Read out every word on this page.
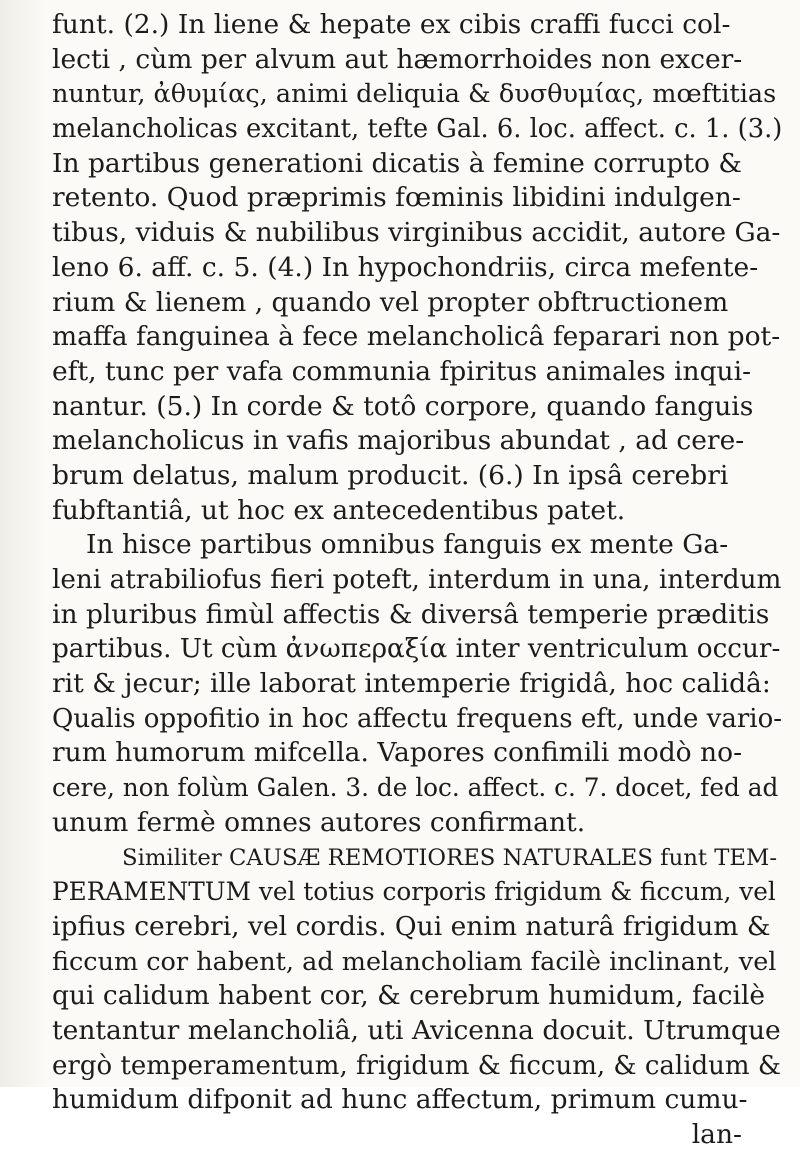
funt. (2.) In liene & hepate ex cibis craffi fucci col-
lecti , cùm per alvum aut hæmorrhoides non excer-
nuntur, ἀθυμίας, animi deliquia & δυσθυμίας, mœftitias
melancholicas excitant, tefte Gal. 6. loc. affect. c. 1. (3.)
In partibus generationi dicatis à femine corrupto &
retento. Quod præprimis fœminis libidini indulgen-
tibus, viduis & nubilibus virginibus accidit, autore Ga-
leno 6. aff. c. 5. (4.) In hypochondriis, circa mefente-
rium & lienem , quando vel propter obftructionem
maffa fanguinea à fece melancholicâ feparari non pot-
eft, tunc per vafa communia fpiritus animales inqui-
nantur. (5.) In corde & totô corpore, quando fanguis
melancholicus in vafis majoribus abundat , ad cere-
brum delatus, malum producit. (6.) In ipsâ cerebri
fubftantiâ, ut hoc ex antecedentibus patet.
In hisce partibus omnibus fanguis ex mente Ga-
leni atrabiliofus fieri poteft, interdum in una, interdum
in pluribus fimùl affectis & diversâ temperie præditis
partibus. Ut cùm ἀνωπεραξία inter ventriculum occur-
rit & jecur; ille laborat intemperie frigidâ, hoc calidâ:
Qualis oppofitio in hoc affectu frequens eft, unde vario-
rum humorum mifcella. Vapores confimili modò no-
cere, non folùm Galen. 3. de loc. affect. c. 7. docet, fed ad
unum fermè omnes autores confirmant.
Similiter CAUSÆ REMOTIORES NATURALES funt TEM-
PERAMENTUM vel totius corporis frigidum & ficcum, vel
ipfius cerebri, vel cordis. Qui enim naturâ frigidum &
ficcum cor habent, ad melancholiam facilè inclinant, vel
qui calidum habent cor, & cerebrum humidum, facilè
tentantur melancholiâ, uti Avicenna docuit. Utrumque
ergò temperamentum, frigidum & ficcum, & calidum &
humidum difponit ad hunc affectum, primum cumu-
lan-
